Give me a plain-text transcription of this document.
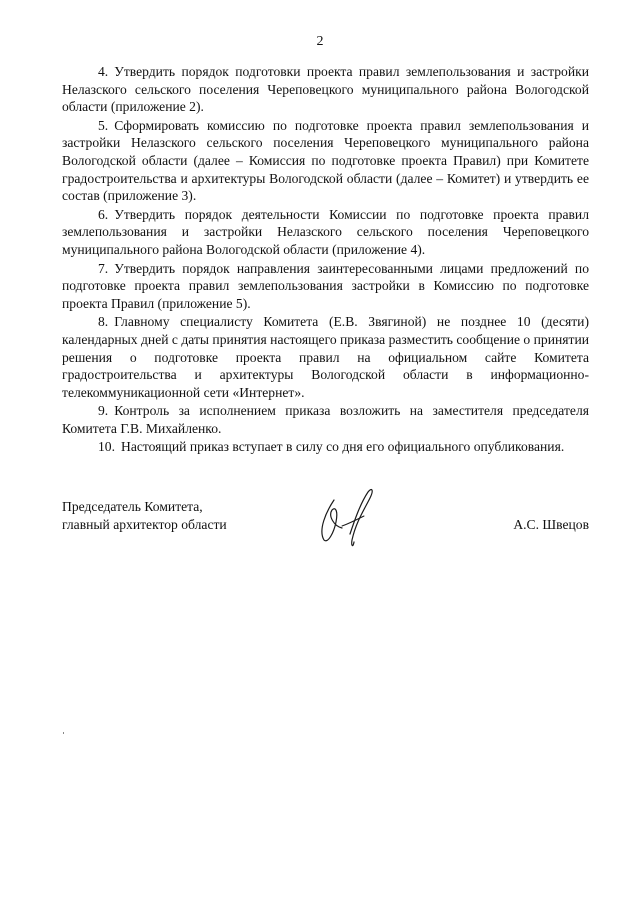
2

4. Утвердить порядок подготовки проекта правил землепользования и застройки Нелазского сельского поселения Череповецкого муниципального района Вологодской области (приложение 2).

5. Сформировать комиссию по подготовке проекта правил землепользования и застройки Нелазского сельского поселения Череповецкого муниципального района Вологодской области (далее – Комиссия по подготовке проекта Правил) при Комитете градостроительства и архитектуры Вологодской области (далее – Комитет) и утвердить ее состав (приложение 3).

6. Утвердить порядок деятельности Комиссии по подготовке проекта правил землепользования и застройки Нелазского сельского поселения Череповецкого муниципального района Вологодской области (приложение 4).

7. Утвердить порядок направления заинтересованными лицами предложений по подготовке проекта правил землепользования застройки в Комиссию по подготовке проекта Правил (приложение 5).

8. Главному специалисту Комитета (Е.В. Звягиной) не позднее 10 (десяти) календарных дней с даты принятия настоящего приказа разместить сообщение о принятии решения о подготовке проекта правил на официальном сайте Комитета градостроительства и архитектуры Вологодской области в информационно-телекоммуникационной сети «Интернет».

9. Контроль за исполнением приказа возложить на заместителя председателя Комитета Г.В. Михайленко.

10. Настоящий приказ вступает в силу со дня его официального опубликования.

Председатель Комитета,
главный архитектор области	А.С. Швецов
